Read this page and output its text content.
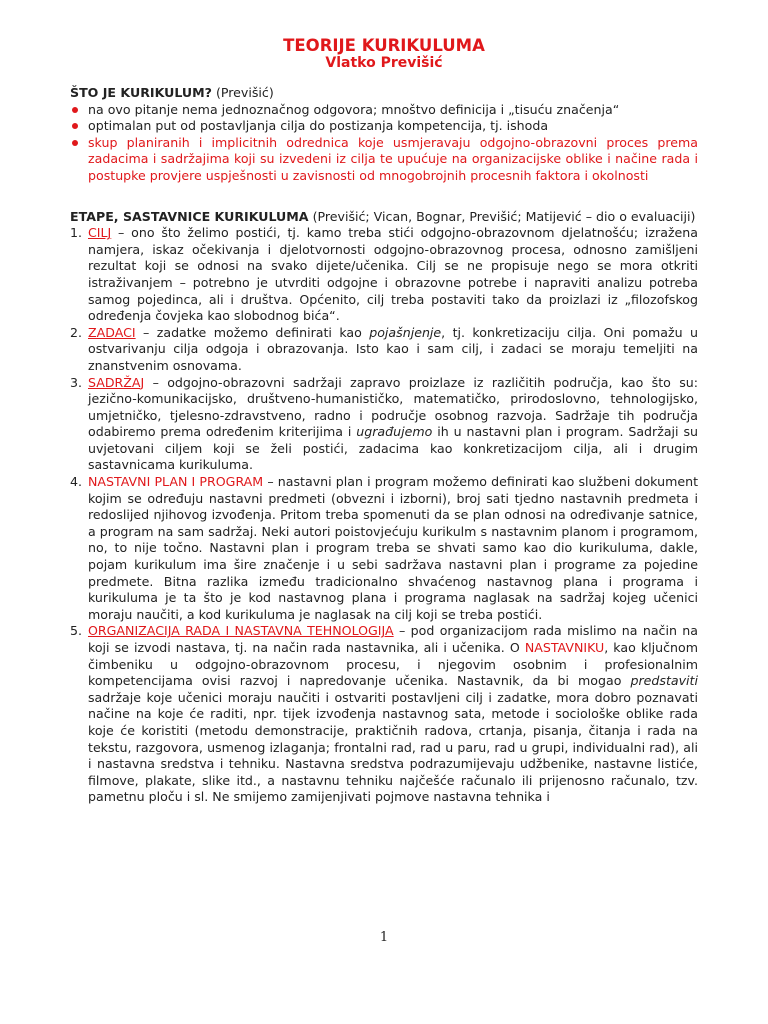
TEORIJE KURIKULUMA
Vlatko Previšić
ŠTO JE KURIKULUM? (Previšić)
na ovo pitanje nema jednoznačnog odgovora; mnoštvo definicija i „tisuću značenja“
optimalan put od postavljanja cilja do postizanja kompetencija, tj. ishoda
skup planiranih i implicitnih odrednica koje usmjeravaju odgojno-obrazovni proces prema zadacima i sadržajima koji su izvedeni iz cilja te upućuje na organizacijske oblike i načine rada i postupke provjere uspješnosti u zavisnosti od mnogobrojnih procesnih faktora i okolnosti
ETAPE, SASTAVNICE KURIKULUMA (Previšić; Vican, Bognar, Previšić; Matijević – dio o evaluaciji)
1. CILJ – ono što želimo postići, tj. kamo treba stići odgojno-obrazovnom djelatnošću; izražena namjera, iskaz očekivanja i djelotvornosti odgojno-obrazovnog procesa, odnosno zamišljeni rezultat koji se odnosi na svako dijete/učenika. Cilj se ne propisuje nego se mora otkriti istraživanjem – potrebno je utvrditi odgojne i obrazovne potrebe i napraviti analizu potreba samog pojedinca, ali i društva. Općenito, cilj treba postaviti tako da proizlazi iz „filozofskog određenja čovjeka kao slobodnog bića“.
2. ZADACI – zadatke možemo definirati kao pojašnjenje, tj. konkretizaciju cilja. Oni pomažu u ostvarivanju cilja odgoja i obrazovanja. Isto kao i sam cilj, i zadaci se moraju temeljiti na znanstvenim osnovama.
3. SADRŽAJ – odgojno-obrazovni sadržaji zapravo proizlaze iz različitih područja, kao što su: jezično-komunikacijsko, društveno-humanističko, matematičko, prirodoslovno, tehnologijsko, umjetničko, tjelesno-zdravstveno, radno i područje osobnog razvoja. Sadržaje tih područja odabiremo prema određenim kriterijima i ugrađujemo ih u nastavni plan i program. Sadržaji su uvjetovani ciljem koji se želi postići, zadacima kao konkretizacijom cilja, ali i drugim sastavnicama kurikuluma.
4. NASTAVNI PLAN I PROGRAM – nastavni plan i program možemo definirati kao službeni dokument kojim se određuju nastavni predmeti (obvezni i izborni), broj sati tjedno nastavnih predmeta i redoslijed njihovog izvođenja. Pritom treba spomenuti da se plan odnosi na određivanje satnice, a program na sam sadržaj. Neki autori poistovjećuju kurikulm s nastavnim planom i programom, no, to nije točno. Nastavni plan i program treba se shvati samo kao dio kurikuluma, dakle, pojam kurikulum ima šire značenje i u sebi sadržava nastavni plan i programe za pojedine predmete. Bitna razlika između tradicionalno shvaćenog nastavnog plana i programa i kurikuluma je ta što je kod nastavnog plana i programa naglasak na sadržaj kojeg učenici moraju naučiti, a kod kurikuluma je naglasak na cilj koji se treba postići.
5. ORGANIZACIJA RADA I NASTAVNA TEHNOLOGIJA – pod organizacijom rada mislimo na način na koji se izvodi nastava, tj. na način rada nastavnika, ali i učenika. O NASTAVNIKU, kao ključnom čimbeniku u odgojno-obrazovnom procesu, i njegovim osobnim i profesionalnim kompetencijama ovisi razvoj i napredovanje učenika. Nastavnik, da bi mogao predstaviti sadržaje koje učenici moraju naučiti i ostvariti postavljeni cilj i zadatke, mora dobro poznavati načine na koje će raditi, npr. tijek izvođenja nastavnog sata, metode i sociološke oblike rada koje će koristiti (metodu demonstracije, praktičnih radova, crtanja, pisanja, čitanja i rada na tekstu, razgovora, usmenog izlaganja; frontalni rad, rad u paru, rad u grupi, individualni rad), ali i nastavna sredstva i tehniku. Nastavna sredstva podrazumijevaju udžbenike, nastavne listiće, filmove, plakate, slike itd., a nastavnu tehniku najčešće računalo ili prijenosno računalo, tzv. pametnu ploču i sl. Ne smijemo zamijenjivati pojmove nastavna tehnika i
1
